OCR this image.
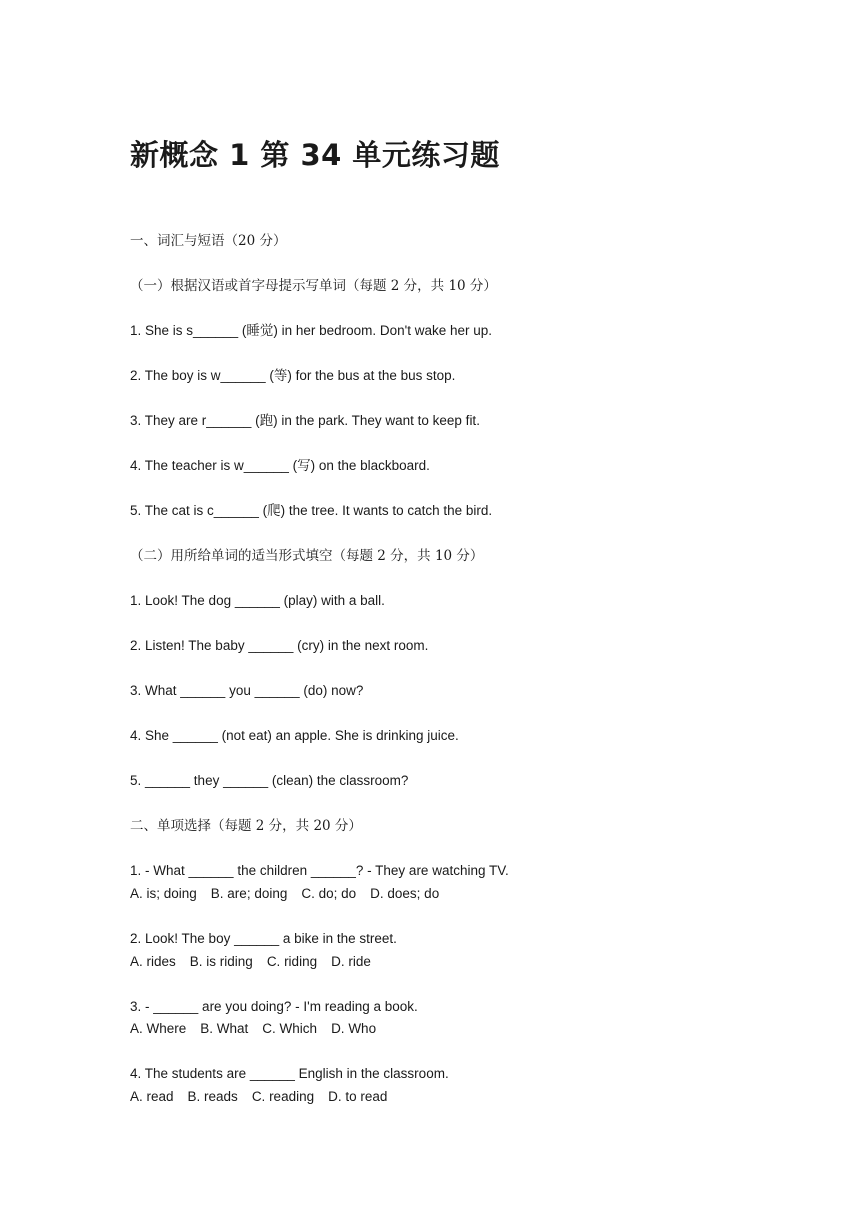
新概念 1 第 34 单元练习题
一、词汇与短语（20 分）
（一）根据汉语或首字母提示写单词（每题 2 分，共 10 分）
1. She is s______ (睡觉) in her bedroom. Don't wake her up.
2. The boy is w______ (等) for the bus at the bus stop.
3. They are r______ (跑) in the park. They want to keep fit.
4. The teacher is w______ (写) on the blackboard.
5. The cat is c______ (爬) the tree. It wants to catch the bird.
（二）用所给单词的适当形式填空（每题 2 分，共 10 分）
1. Look! The dog ______ (play) with a ball.
2. Listen! The baby ______ (cry) in the next room.
3. What ______ you ______ (do) now?
4. She ______ (not eat) an apple. She is drinking juice.
5. ______ they ______ (clean) the classroom?
二、单项选择（每题 2 分，共 20 分）
1. - What ______ the children ______? - They are watching TV.
A. is; doing B. are; doing C. do; do D. does; do
2. Look! The boy ______ a bike in the street.
A. rides B. is riding C. riding D. ride
3. - ______ are you doing? - I'm reading a book.
A. Where B. What C. Which D. Who
4. The students are ______ English in the classroom.
A. read B. reads C. reading D. to read
